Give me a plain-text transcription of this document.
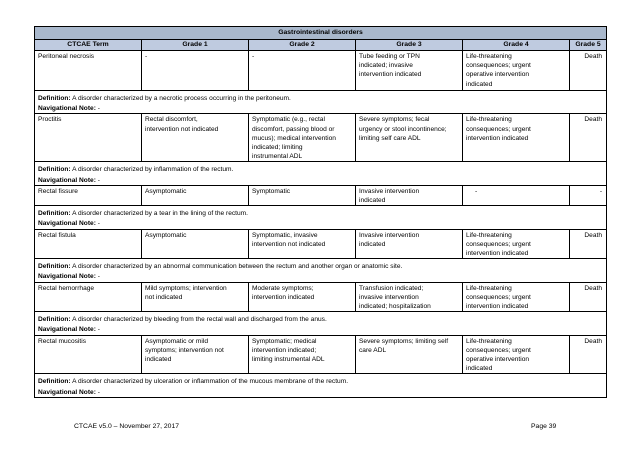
Gastrointestinal disorders					
CTCAE Term	Grade 1	Grade 2	Grade 3	Grade 4	Grade 5
Peritoneal necrosis	-	-	Tube feeding or TPN
indicated; invasive
intervention indicated	Life-threatening
consequences; urgent
operative intervention
indicated	Death
Definition: A disorder characterized by a necrotic process occurring in the peritoneum.					
Navigational Note: -					
Proctitis	Rectal discomfort,
intervention not indicated	Symptomatic (e.g., rectal
discomfort, passing blood or
mucus); medical intervention
indicated; limiting
instrumental ADL	Severe symptoms; fecal
urgency or stool incontinence;
limiting self care ADL	Life-threatening
consequences; urgent
intervention indicated	Death
Definition: A disorder characterized by inflammation of the rectum.					
Navigational Note: -					
Rectal fissure	Asymptomatic	Symptomatic	Invasive intervention
indicated	-	-
Definition: A disorder characterized by a tear in the lining of the rectum.					
Navigational Note: -					
Rectal fistula	Asymptomatic	Symptomatic, invasive
intervention not indicated	Invasive intervention
indicated	Life-threatening
consequences; urgent
intervention indicated	Death
Definition: A disorder characterized by an abnormal communication between the rectum and another organ or anatomic site.					
Navigational Note: -					
Rectal hemorrhage	Mild symptoms; intervention
not indicated	Moderate symptoms;
intervention indicated	Transfusion indicated;
invasive intervention
indicated; hospitalization	Life-threatening
consequences; urgent
intervention indicated	Death
Definition: A disorder characterized by bleeding from the rectal wall and discharged from the anus.					
Navigational Note: -					
Rectal mucositis	Asymptomatic or mild
symptoms; intervention not
indicated	Symptomatic; medical
intervention indicated;
limiting instrumental ADL	Severe symptoms; limiting self
care ADL	Life-threatening
consequences; urgent
operative intervention
indicated	Death
Definition: A disorder characterized by ulceration or inflammation of the mucous membrane of the rectum.					
Navigational Note: -					
CTCAE v5.0 – November 27, 2017	Page 39
